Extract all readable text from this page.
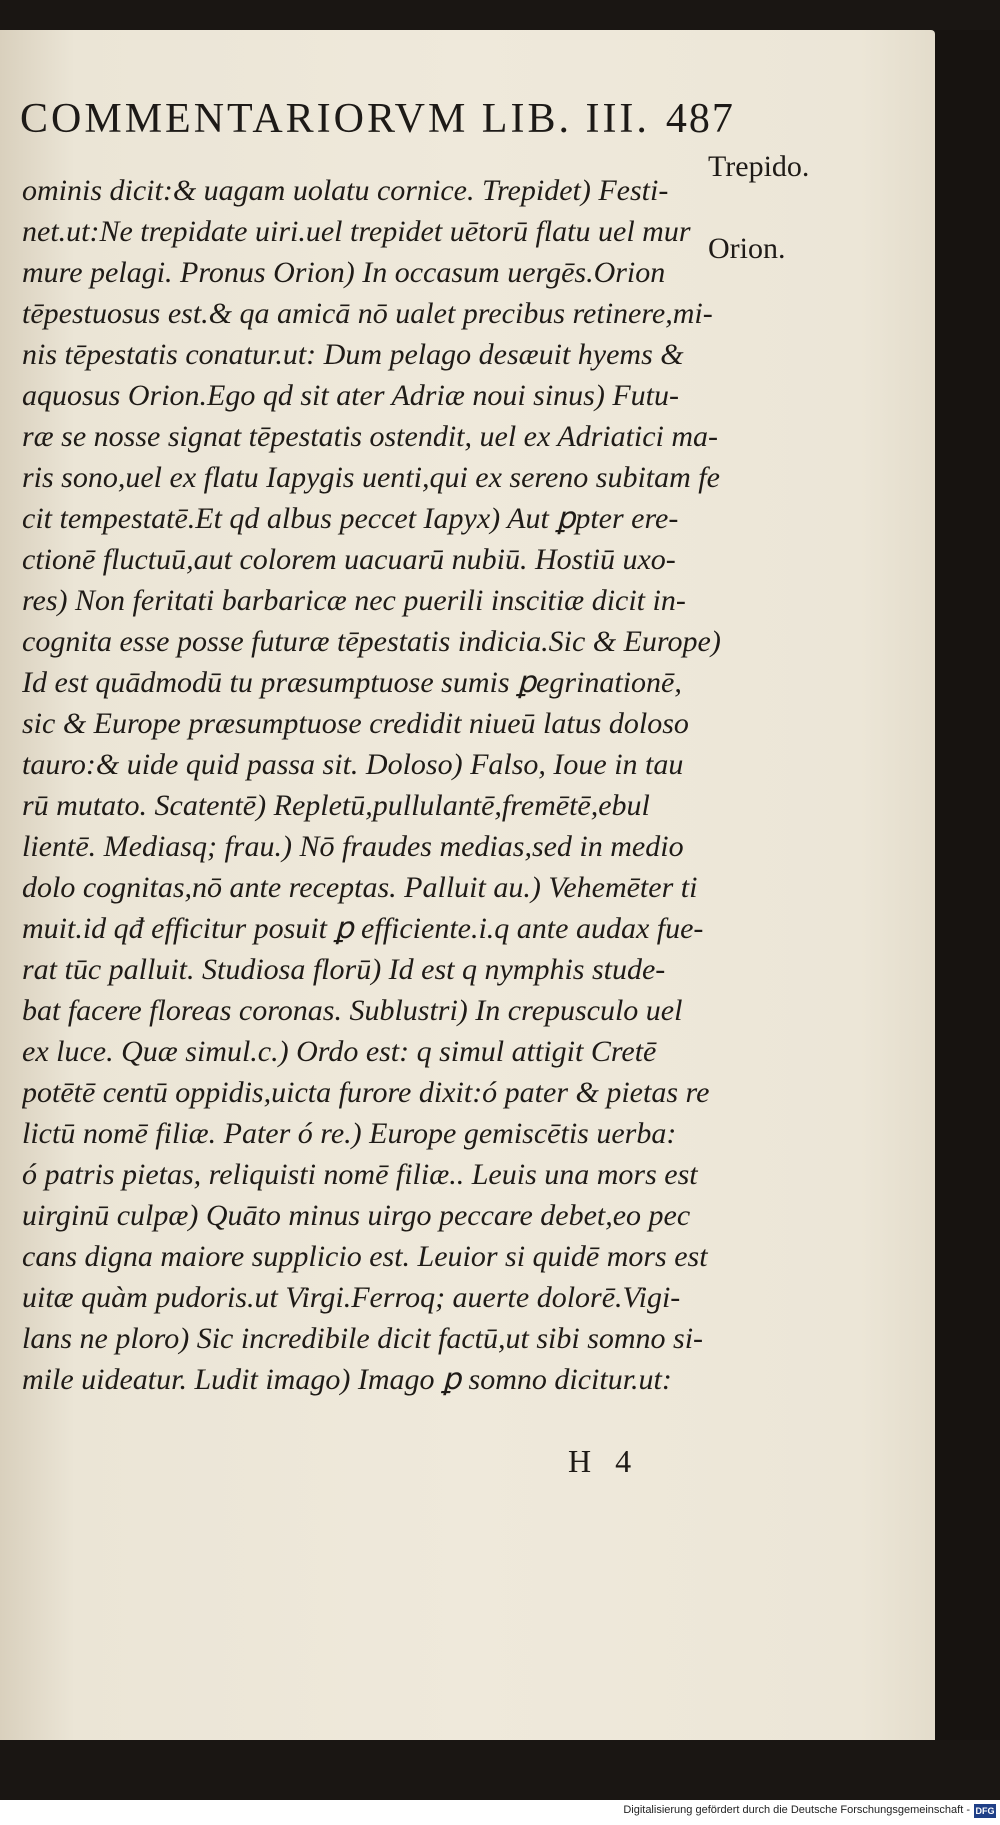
COMMENTARIORVM LIB. III. 487
ominis dicit:& uagam uolatu cornice. Trepidet) Festi-
net.ut:Ne trepidate uiri.uel trepidet uētorū flatu uel mur
mure pelagi. Pronus Orion) In occasum uergēs.Orion
tēpestuosus est.& qa amicā nō ualet precibus retinere,mi-
nis tēpestatis conatur.ut: Dum pelago desæuit hyems &
aquosus Orion.Ego qd sit ater Adriæ noui sinus) Futu-
ræ se nosse signat tēpestatis ostendit, uel ex Adriatici ma-
ris sono,uel ex flatu Iapygis uenti,qui ex sereno subitam fe
cit tempestatē.Et qd albus peccet Iapyx) Aut ꝑpter ere-
ctionē fluctuū,aut colorem uacuarū nubiū. Hostiū uxo-
res) Non feritati barbaricæ nec puerili inscitiæ dicit in-
cognita esse posse futuræ tēpestatis indicia.Sic & Europe)
Id est quādmodū tu præsumptuose sumis ꝑegrinationē,
sic & Europe præsumptuose credidit niueū latus doloso
tauro:& uide quid passa sit. Doloso) Falso, Ioue in tau
rū mutato. Scatentē) Repletū,pullulantē,fremētē,ebul
lientē. Mediasq; frau.) Nō fraudes medias,sed in medio
dolo cognitas,nō ante receptas. Palluit au.) Vehemēter ti
muit.id qđ efficitur posuit ꝑ efficiente.i.q ante audax fue-
rat tūc palluit. Studiosa florū) Id est q nymphis stude-
bat facere floreas coronas. Sublustri) In crepusculo uel
ex luce. Quæ simul.c.) Ordo est: q simul attigit Cretē
potētē centū oppidis,uicta furore dixit:ó pater & pietas re
lictū nomē filiæ. Pater ó re.) Europe gemiscētis uerba:
ó patris pietas, reliquisti nomē filiæ.. Leuis una mors est
uirginū culpæ) Quāto minus uirgo peccare debet,eo pec
cans digna maiore supplicio est. Leuior si quidē mors est
uitæ quàm pudoris.ut Virgi.Ferroq; auerte dolorē.Vigi-
lans ne ploro) Sic incredibile dicit factū,ut sibi somno si-
mile uideatur. Ludit imago) Imago ꝑ somno dicitur.ut:
Trepido.
Orion.
H 4
Digitalisierung gefördert durch die Deutsche Forschungsgemeinschaft - DFG
